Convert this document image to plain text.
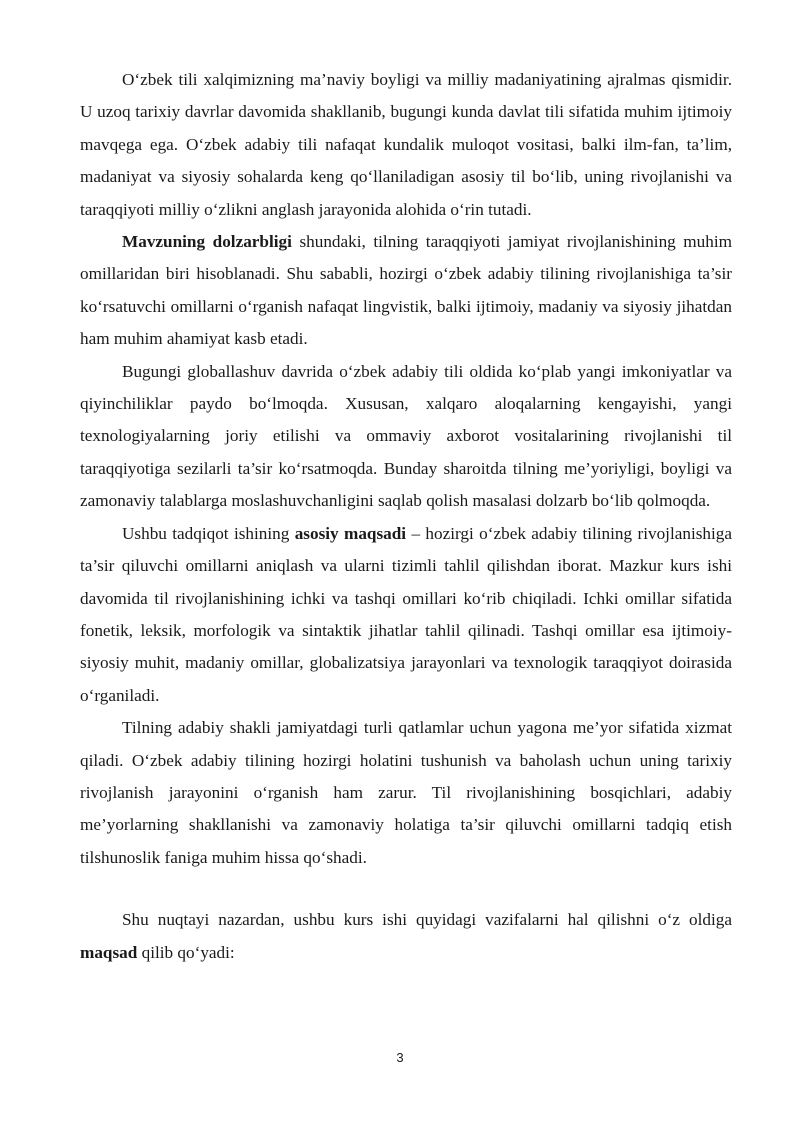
O‘zbek tili xalqimizning ma’naviy boyligi va milliy madaniyatining ajralmas qismidir. U uzoq tarixiy davrlar davomida shakllanib, bugungi kunda davlat tili sifatida muhim ijtimoiy mavqega ega. O‘zbek adabiy tili nafaqat kundalik muloqot vositasi, balki ilm-fan, ta’lim, madaniyat va siyosiy sohalarda keng qo‘llaniladigan asosiy til bo‘lib, uning rivojlanishi va taraqqiyoti milliy o‘zlikni anglash jarayonida alohida o‘rin tutadi.

Mavzuning dolzarbligi shundaki, tilning taraqqiyoti jamiyat rivojlanishining muhim omillaridan biri hisoblanadi. Shu sababli, hozirgi o‘zbek adabiy tilining rivojlanishiga ta’sir ko‘rsatuvchi omillarni o‘rganish nafaqat lingvistik, balki ijtimoiy, madaniy va siyosiy jihatdan ham muhim ahamiyat kasb etadi.

Bugungi globallashuv davrida o‘zbek adabiy tili oldida ko‘plab yangi imkoniyatlar va qiyinchiliklar paydo bo‘lmoqda. Xususan, xalqaro aloqalarning kengayishi, yangi texnologiyalarning joriy etilishi va ommaviy axborot vositalarining rivojlanishi til taraqqiyotiga sezilarli ta’sir ko‘rsatmoqda. Bunday sharoitda tilning me’yoriyligi, boyligi va zamonaviy talablarga moslashuvchanligini saqlab qolish masalasi dolzarb bo‘lib qolmoqda.

Ushbu tadqiqot ishining asosiy maqsadi – hozirgi o‘zbek adabiy tilining rivojlanishiga ta’sir qiluvchi omillarni aniqlash va ularni tizimli tahlil qilishdan iborat. Mazkur kurs ishi davomida til rivojlanishining ichki va tashqi omillari ko‘rib chiqiladi. Ichki omillar sifatida fonetik, leksik, morfologik va sintaktik jihatlar tahlil qilinadi. Tashqi omillar esa ijtimoiy-siyosiy muhit, madaniy omillar, globalizatsiya jarayonlari va texnologik taraqqiyot doirasida o‘rganiladi.

Tilning adabiy shakli jamiyatdagi turli qatlamlar uchun yagona me’yor sifatida xizmat qiladi. O‘zbek adabiy tilining hozirgi holatini tushunish va baholash uchun uning tarixiy rivojlanish jarayonini o‘rganish ham zarur. Til rivojlanishining bosqichlari, adabiy me’yorlarning shakllanishi va zamonaviy holatiga ta’sir qiluvchi omillarni tadqiq etish tilshunoslik faniga muhim hissa qo‘shadi.

Shu nuqtayi nazardan, ushbu kurs ishi quyidagi vazifalarni hal qilishni o‘z oldiga maqsad qilib qo‘yadi:

3
